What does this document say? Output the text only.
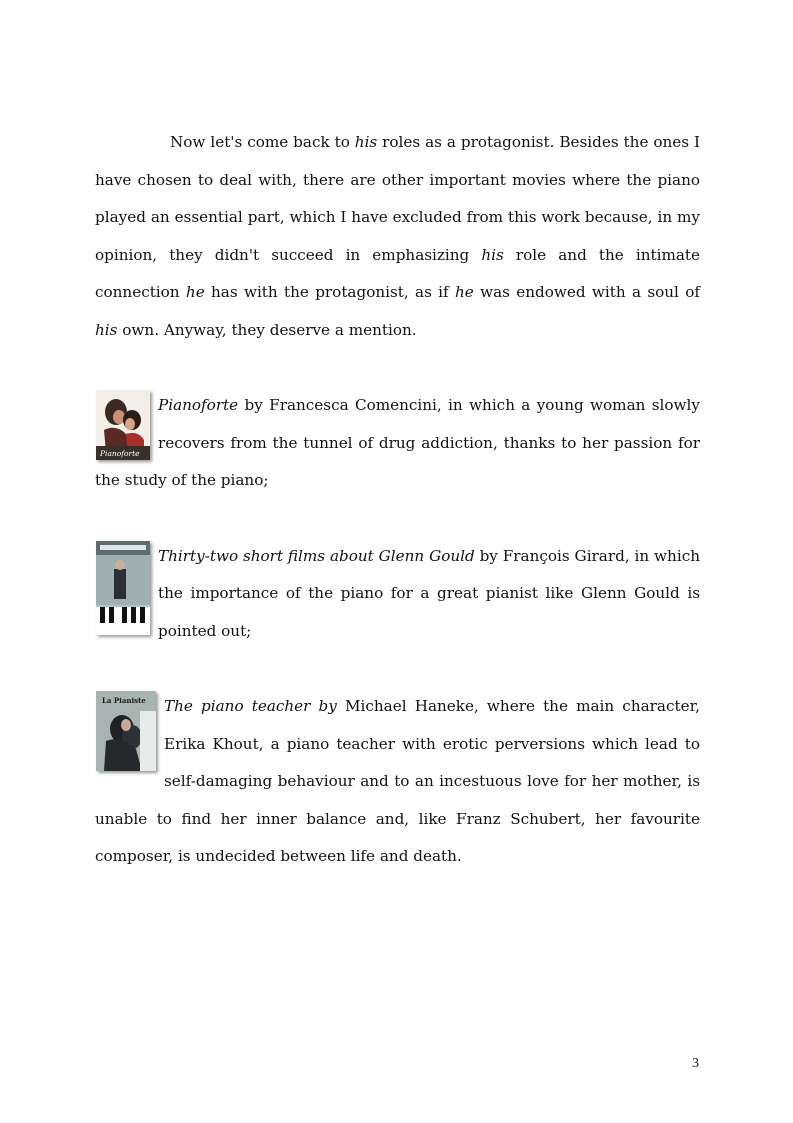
Now let's come back to his roles as a protagonist. Besides the ones I have chosen to deal with, there are other important movies where the piano played an essential part, which I have excluded from this work because, in my opinion, they didn't succeed in emphasizing his role and the intimate connection he has with the protagonist, as if he was endowed with a soul of his own. Anyway, they deserve a mention.

Pianoforte

Pianoforte by Francesca Comencini, in which a young woman slowly recovers from the tunnel of drug addiction, thanks to her passion for the study of the piano;

Thirty-two short films about Glenn Gould by François Girard, in which the importance of the piano for a great pianist like Glenn Gould is pointed out;

La Pianiste	The piano teacher by Michael Haneke, where the main character, Erika Khout, a piano teacher with erotic perversions which lead to self-damaging behaviour and to an incestuous love for her mother, is unable to find her inner balance and, like Franz Schubert, her favourite composer, is undecided between life and death.

3
